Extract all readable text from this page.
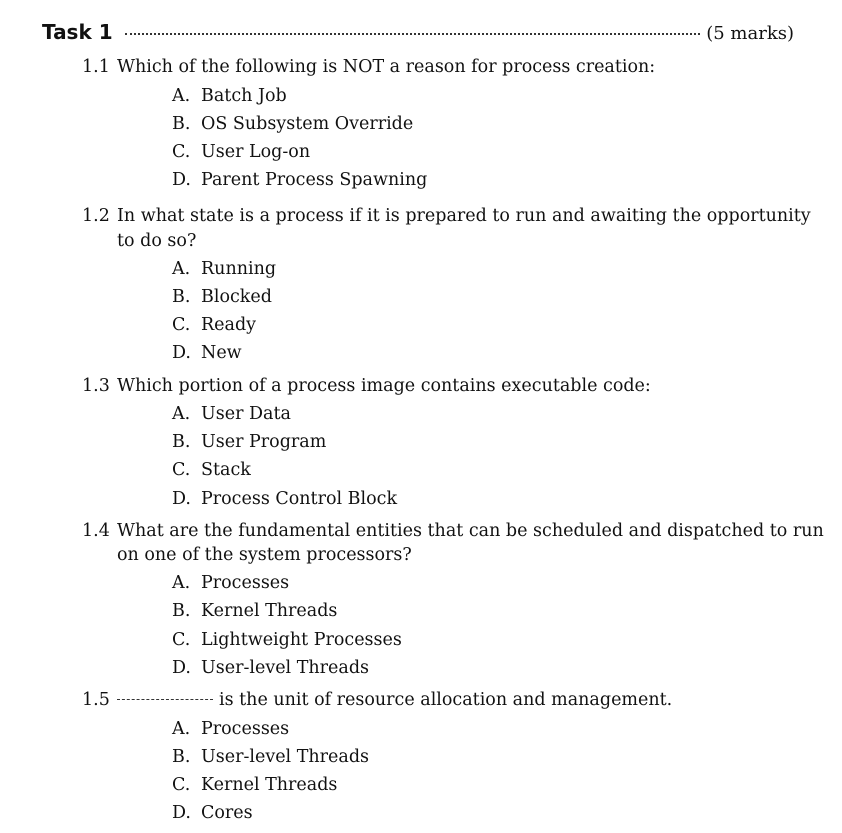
Task 1	(5 marks)
1.1 Which of the following is NOT a reason for process creation:
A. Batch Job
B. OS Subsystem Override
C. User Log-on
D. Parent Process Spawning
1.2 In what state is a process if it is prepared to run and awaiting the opportunity
to do so?
A. Running
B. Blocked
C. Ready
D. New
1.3 Which portion of a process image contains executable code:
A. User Data
B. User Program
C. Stack
D. Process Control Block
1.4 What are the fundamental entities that can be scheduled and dispatched to run
on one of the system processors?
A. Processes
B. Kernel Threads
C. Lightweight Processes
D. User-level Threads
1.5	is the unit of resource allocation and management.
A. Processes
B. User-level Threads
C. Kernel Threads
D. Cores
